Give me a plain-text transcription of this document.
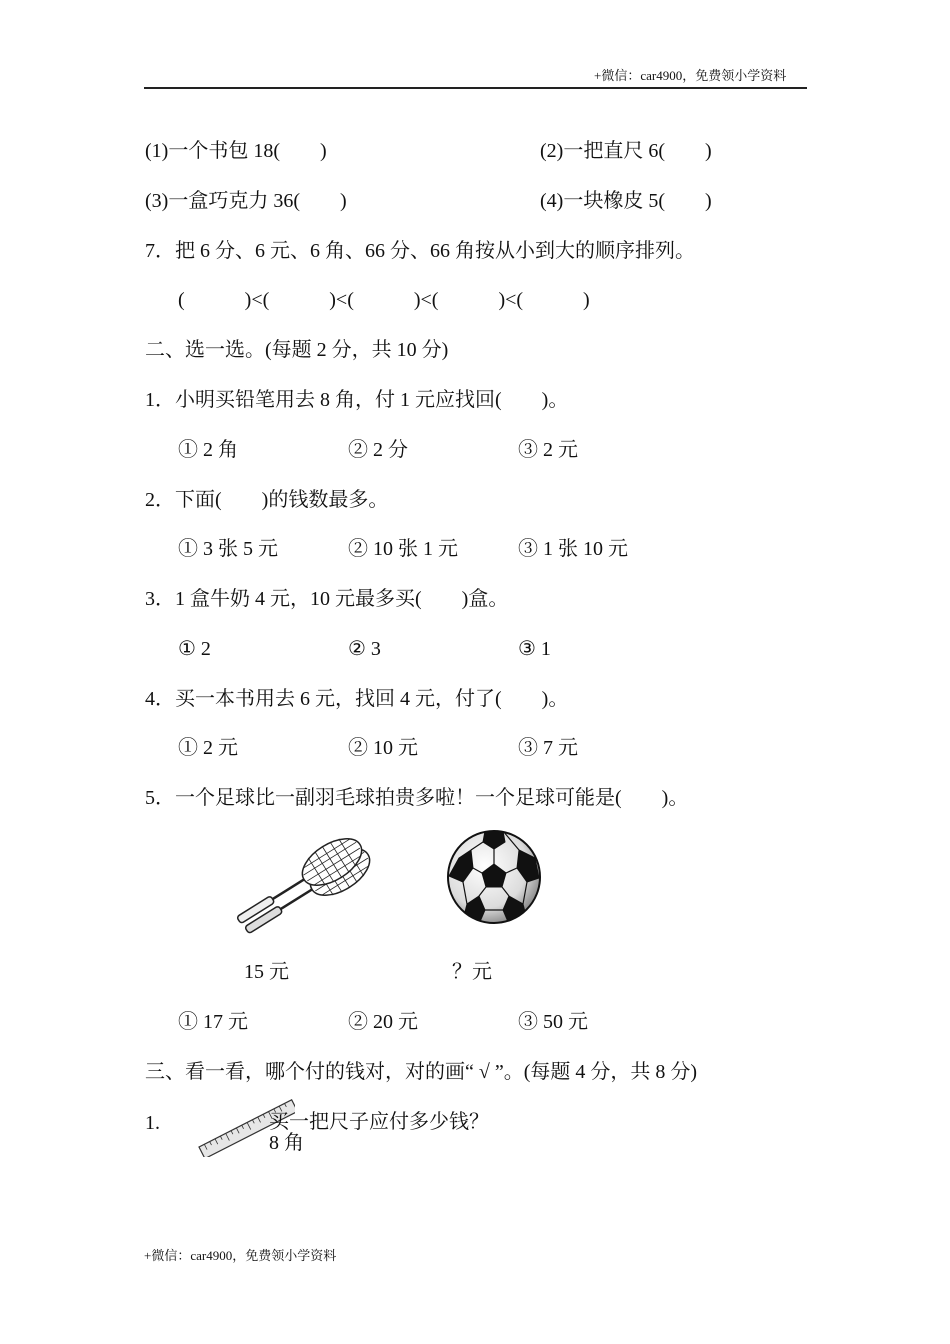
+微信：car4900，免费领小学资料
(1)一个书包 18(　　)	(2)一把直尺 6(　　)
(3)一盒巧克力 36(　　)	(4)一块橡皮 5(　　)
7．把 6 分、6 元、6 角、66 分、66 角按从小到大的顺序排列。
(　　　)<(　　　)<(　　　)<(　　　)<(　　　)
二、选一选。(每题 2 分，共 10 分)
1．小明买铅笔用去 8 角，付 1 元应找回(　　)。
① 2 角	② 2 分	③ 2 元
2．下面(　　)的钱数最多。
① 3 张 5 元	② 10 张 1 元	③ 1 张 10 元
3．1 盒牛奶 4 元，10 元最多买(　　)盒。
① 2	② 3	③ 1
4．买一本书用去 6 元，找回 4 元，付了(　　)。
① 2 元	② 10 元	③ 7 元
5．一个足球比一副羽毛球拍贵多啦！一个足球可能是(　　)。
15 元	？元
① 17 元	② 20 元	③ 50 元
三、看一看，哪个付的钱对，对的画“ √ ”。(每题 4 分，共 8 分)
1.	买一把尺子应付多少钱？
8 角
+微信：car4900，免费领小学资料
